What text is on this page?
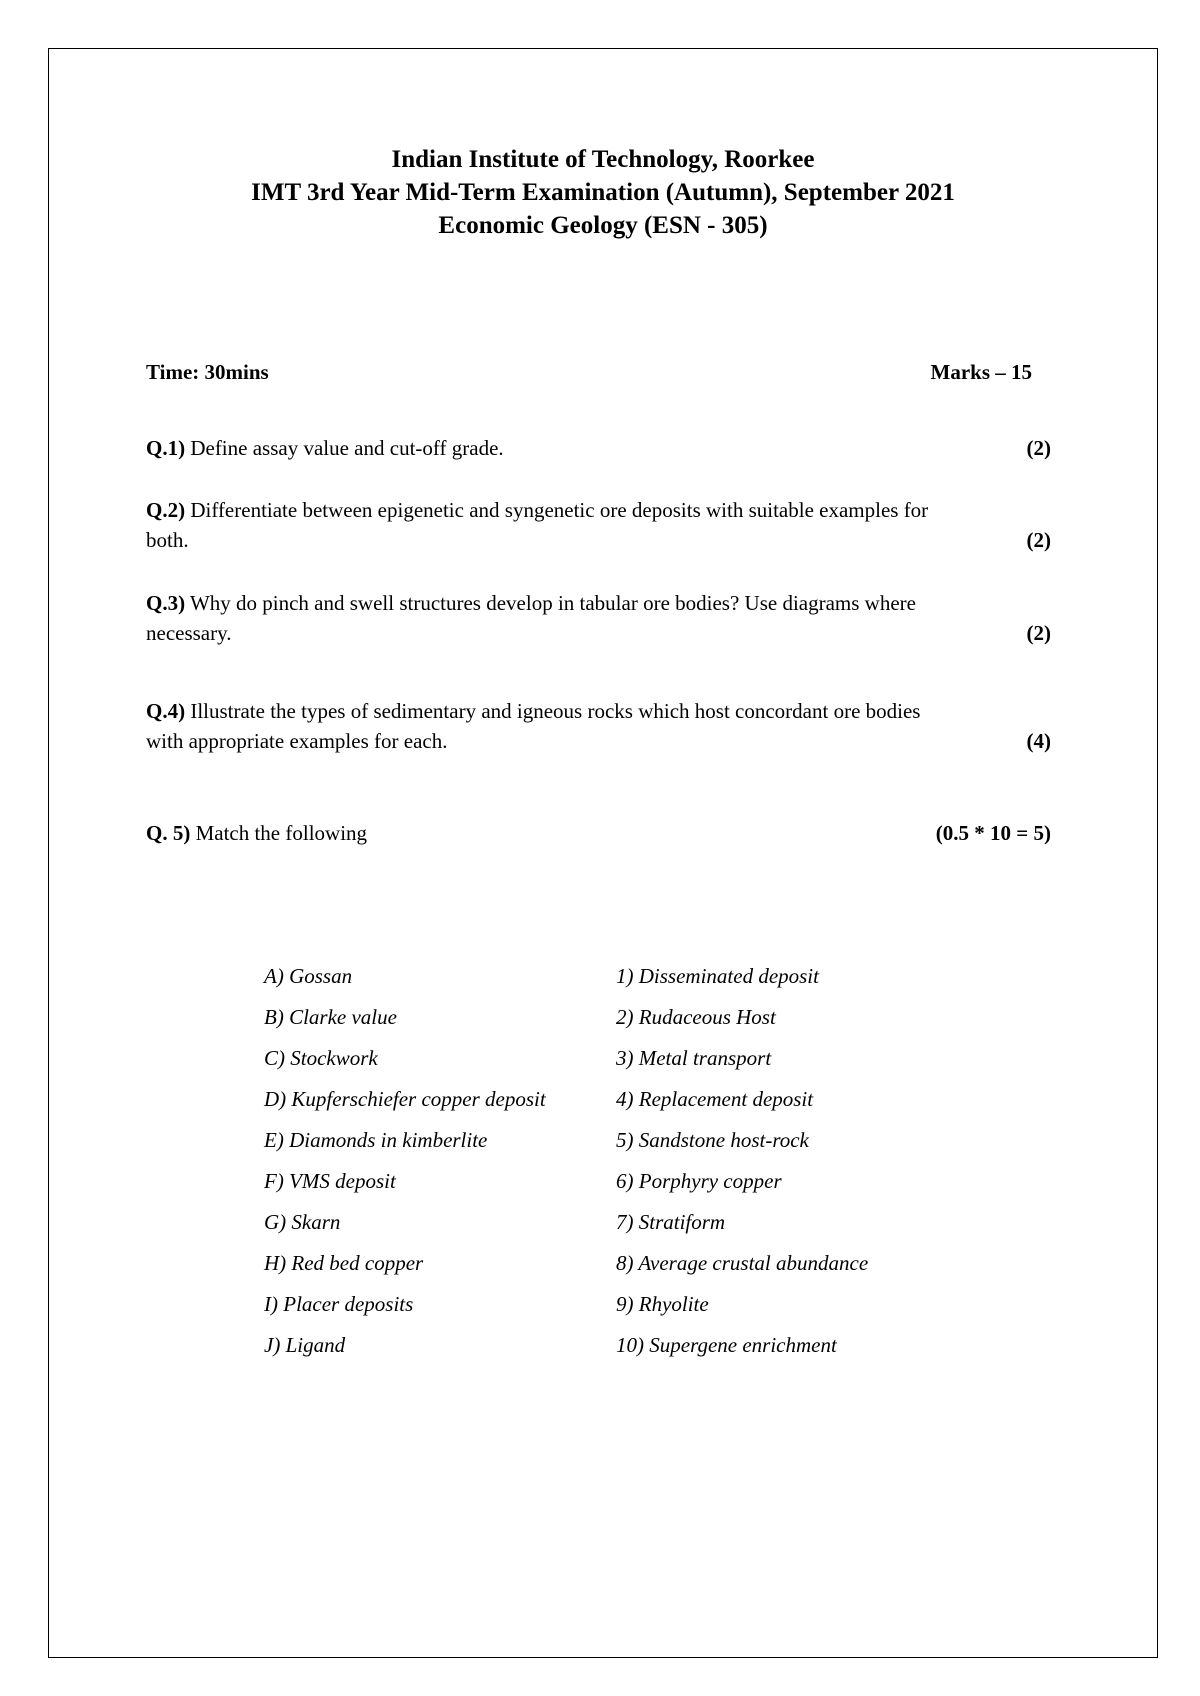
Indian Institute of Technology, Roorkee
IMT 3rd Year Mid-Term Examination (Autumn), September 2021
Economic Geology (ESN - 305)
Time: 30mins	Marks – 15
(2)
Q.1) Define assay value and cut-off grade.
Q.2) Differentiate between epigenetic and syngenetic ore deposits with suitable examples for
(2)
both.
Q.3) Why do pinch and swell structures develop in tabular ore bodies? Use diagrams where
(2)
necessary.
Q.4) Illustrate the types of sedimentary and igneous rocks which host concordant ore bodies
(4)
with appropriate examples for each.
(0.5 * 10 = 5)
Q. 5) Match the following
A) Gossan	1) Disseminated deposit
B) Clarke value	2) Rudaceous Host
C) Stockwork	3) Metal transport
D) Kupferschiefer copper deposit	4) Replacement deposit
E) Diamonds in kimberlite	5) Sandstone host-rock
F) VMS deposit	6) Porphyry copper
G) Skarn	7) Stratiform
H) Red bed copper	8) Average crustal abundance
I) Placer deposits	9) Rhyolite
J) Ligand	10) Supergene enrichment
